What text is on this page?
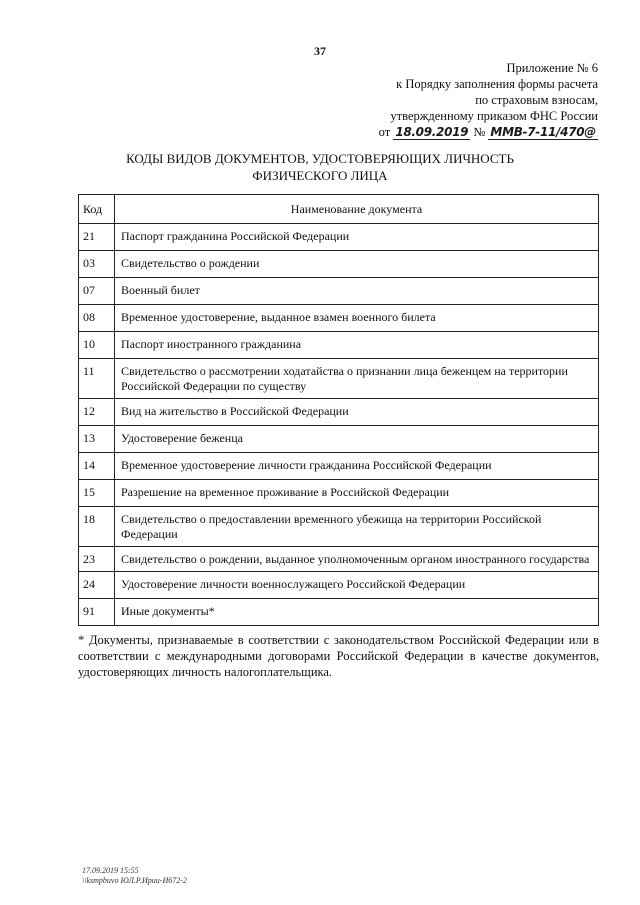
37
Приложение № 6
к Порядку заполнения формы расчета
по страховым взносам,
утвержденному приказом ФНС России
от 18.09.2019 № ММВ-7-11/470@
КОДЫ ВИДОВ ДОКУМЕНТОВ, УДОСТОВЕРЯЮЩИХ ЛИЧНОСТЬ
ФИЗИЧЕСКОГО ЛИЦА
Код	Наименование документа
21	Паспорт гражданина Российской Федерации
03	Свидетельство о рождении
07	Военный билет
08	Временное удостоверение, выданное взамен военного билета
10	Паспорт иностранного гражданина
11	Свидетельство о рассмотрении ходатайства о признании лица беженцем на территории Российской Федерации по существу
12	Вид на жительство в Российской Федерации
13	Удостоверение беженца
14	Временное удостоверение личности гражданина Российской Федерации
15	Разрешение на временное проживание в Российской Федерации
18	Свидетельство о предоставлении временного убежища на территории Российской Федерации
23	Свидетельство о рождении, выданное уполномоченным органом иностранного государства
24	Удостоверение личности военнослужащего Российской Федерации
91	Иные документы*
* Документы, признаваемые в соответствии с законодательством Российской Федерации или в соответствии с международными договорами Российской Федерации в качестве документов, удостоверяющих личность налогоплательщика.
17.09.2019 15:55
\\ksmpbuvo ЮЛ.Р.Ирии-И672-2
